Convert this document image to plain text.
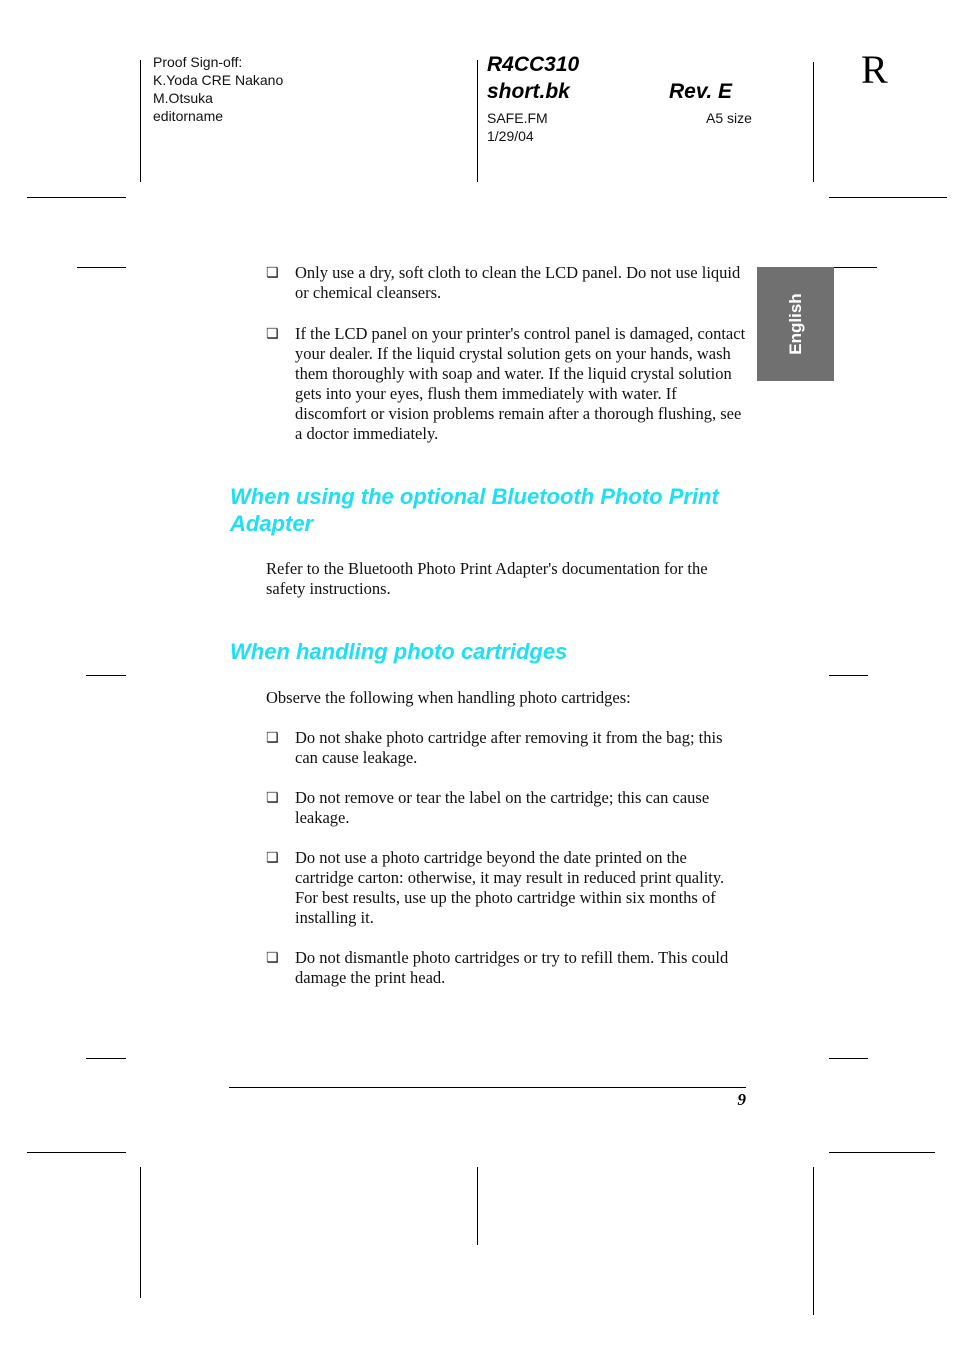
Proof Sign-off:
K.Yoda CRE Nakano
M.Otsuka
editorname
R4CC310
short.bk	Rev. E
SAFE.FM
1/29/04
A5 size
R
English
❏ Only use a dry, soft cloth to clean the LCD panel. Do not use liquid or chemical cleansers.
❏ If the LCD panel on your printer's control panel is damaged, contact your dealer. If the liquid crystal solution gets on your hands, wash them thoroughly with soap and water. If the liquid crystal solution gets into your eyes, flush them immediately with water. If discomfort or vision problems remain after a thorough flushing, see a doctor immediately.
When using the optional Bluetooth Photo Print
Adapter
Refer to the Bluetooth Photo Print Adapter's documentation for the safety instructions.
When handling photo cartridges
Observe the following when handling photo cartridges:
❏ Do not shake photo cartridge after removing it from the bag; this can cause leakage.
❏ Do not remove or tear the label on the cartridge; this can cause leakage.
❏ Do not use a photo cartridge beyond the date printed on the cartridge carton: otherwise, it may result in reduced print quality. For best results, use up the photo cartridge within six months of installing it.
❏ Do not dismantle photo cartridges or try to refill them. This could damage the print head.
9
